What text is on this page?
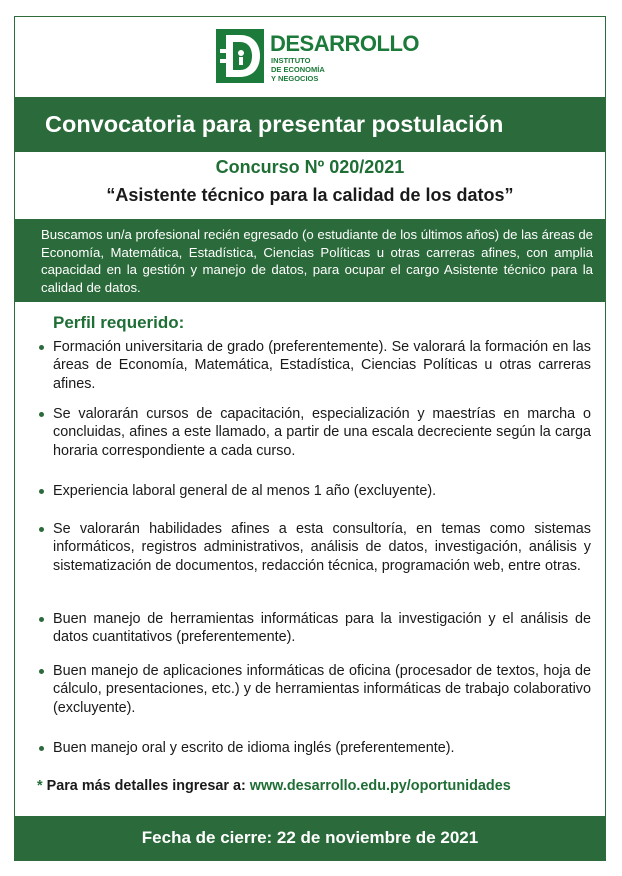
DESARROLLO
INSTITUTO
DE ECONOMÍA
Y NEGOCIOS
Convocatoria para presentar postulación
Concurso Nº 020/2021
“Asistente técnico para la calidad de los datos”

Buscamos un/a profesional recién egresado (o estudiante de los últimos años) de las áreas de Economía, Matemática, Estadística, Ciencias Políticas u otras carreras afines, con amplia capacidad en la gestión y manejo de datos, para ocupar el cargo Asistente técnico para la calidad de datos.

Perfil requerido:
Formación universitaria de grado (preferentemente). Se valorará la formación en las áreas de Economía, Matemática, Estadística, Ciencias Políticas u otras carreras afines.
Se valorarán cursos de capacitación, especialización y maestrías en marcha o concluidas, afines a este llamado, a partir de una escala decreciente según la carga horaria correspondiente a cada curso.
Experiencia laboral general de al menos 1 año (excluyente).
Se valorarán habilidades afines a esta consultoría, en temas como sistemas informáticos, registros administrativos, análisis de datos, investigación, análisis y sistematización de documentos, redacción técnica, programación web, entre otras.
Buen manejo de herramientas informáticas para la investigación y el análisis de datos cuantitativos (preferentemente).
Buen manejo de aplicaciones informáticas de oficina (procesador de textos, hoja de cálculo, presentaciones, etc.) y de herramientas informáticas de trabajo colaborativo (excluyente).
Buen manejo oral y escrito de idioma inglés (preferentemente).
* Para más detalles ingresar a: www.desarrollo.edu.py/oportunidades
Fecha de cierre: 22 de noviembre de 2021
